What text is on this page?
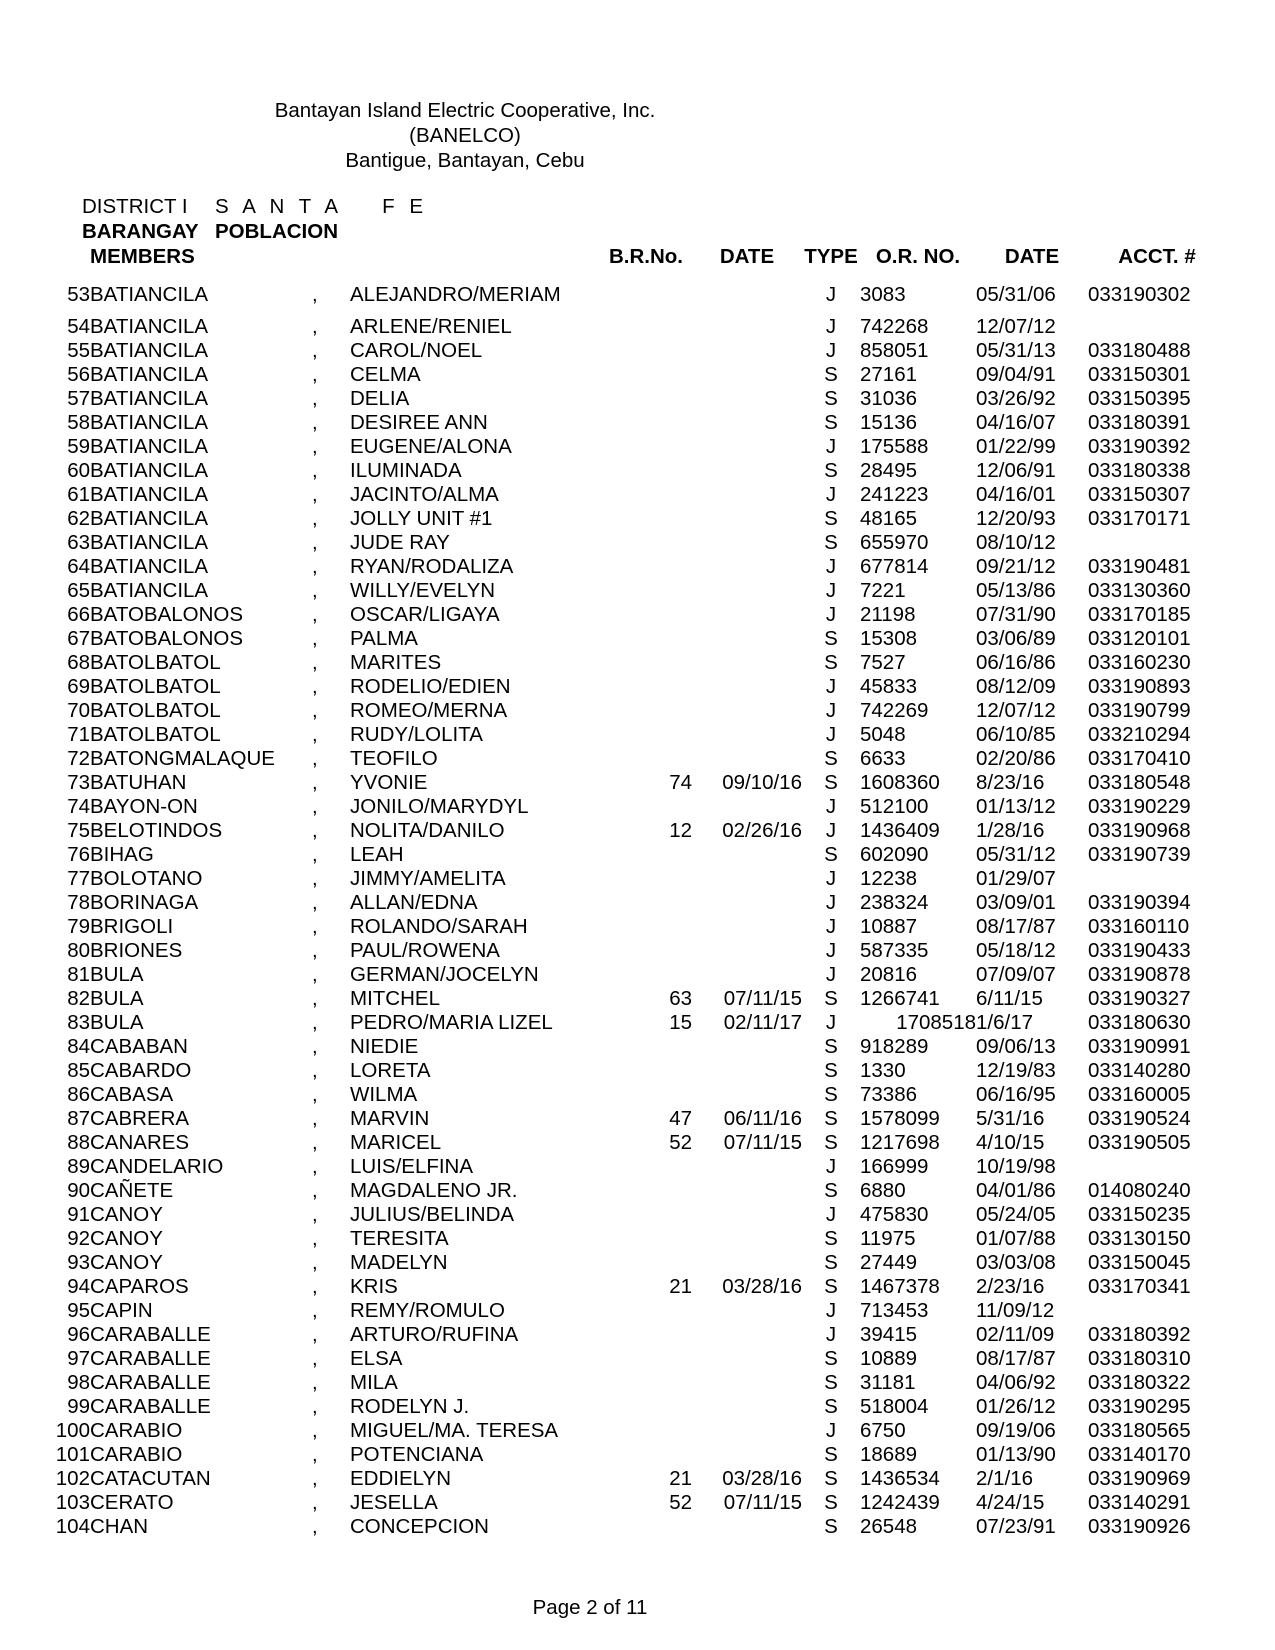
Bantayan Island Electric Cooperative, Inc.
(BANELCO)
Bantigue, Bantayan, Cebu
DISTRICT I	S A N T A    F E
BARANGAY POBLACION
	MEMBERS			B.R.No.	DATE	TYPE	O.R. NO.	DATE	ACCT. #
53	BATIANCILA	,	ALEJANDRO/MERIAM			J	3083	05/31/06	033190302
54	BATIANCILA	,	ARLENE/RENIEL			J	742268	12/07/12	
55	BATIANCILA	,	CAROL/NOEL			J	858051	05/31/13	033180488
56	BATIANCILA	,	CELMA			S	27161	09/04/91	033150301
57	BATIANCILA	,	DELIA			S	31036	03/26/92	033150395
58	BATIANCILA	,	DESIREE ANN			S	15136	04/16/07	033180391
59	BATIANCILA	,	EUGENE/ALONA			J	175588	01/22/99	033190392
60	BATIANCILA	,	ILUMINADA			S	28495	12/06/91	033180338
61	BATIANCILA	,	JACINTO/ALMA			J	241223	04/16/01	033150307
62	BATIANCILA	,	JOLLY UNIT #1			S	48165	12/20/93	033170171
63	BATIANCILA	,	JUDE RAY			S	655970	08/10/12	
64	BATIANCILA	,	RYAN/RODALIZA			J	677814	09/21/12	033190481
65	BATIANCILA	,	WILLY/EVELYN			J	7221	05/13/86	033130360
66	BATOBALONOS	,	OSCAR/LIGAYA			J	21198	07/31/90	033170185
67	BATOBALONOS	,	PALMA			S	15308	03/06/89	033120101
68	BATOLBATOL	,	MARITES			S	7527	06/16/86	033160230
69	BATOLBATOL	,	RODELIO/EDIEN			J	45833	08/12/09	033190893
70	BATOLBATOL	,	ROMEO/MERNA			J	742269	12/07/12	033190799
71	BATOLBATOL	,	RUDY/LOLITA			J	5048	06/10/85	033210294
72	BATONGMALAQUE	,	TEOFILO			S	6633	02/20/86	033170410
73	BATUHAN	,	YVONIE	74	09/10/16	S	1608360	8/23/16	033180548
74	BAYON-ON	,	JONILO/MARYDYL			J	512100	01/13/12	033190229
75	BELOTINDOS	,	NOLITA/DANILO	12	02/26/16	J	1436409	1/28/16	033190968
76	BIHAG	,	LEAH			S	602090	05/31/12	033190739
77	BOLOTANO	,	JIMMY/AMELITA			J	12238	01/29/07	
78	BORINAGA	,	ALLAN/EDNA			J	238324	03/09/01	033190394
79	BRIGOLI	,	ROLANDO/SARAH			J	10887	08/17/87	033160110
80	BRIONES	,	PAUL/ROWENA			J	587335	05/18/12	033190433
81	BULA	,	GERMAN/JOCELYN			J	20816	07/09/07	033190878
82	BULA	,	MITCHEL	63	07/11/15	S	1266741	6/11/15	033190327
83	BULA	,	PEDRO/MARIA LIZEL	15	02/11/17	J	1708518	1/6/17	033180630
84	CABABAN	,	NIEDIE			S	918289	09/06/13	033190991
85	CABARDO	,	LORETA			S	1330	12/19/83	033140280
86	CABASA	,	WILMA			S	73386	06/16/95	033160005
87	CABRERA	,	MARVIN	47	06/11/16	S	1578099	5/31/16	033190524
88	CANARES	,	MARICEL	52	07/11/15	S	1217698	4/10/15	033190505
89	CANDELARIO	,	LUIS/ELFINA			J	166999	10/19/98	
90	CAÑETE	,	MAGDALENO JR.			S	6880	04/01/86	014080240
91	CANOY	,	JULIUS/BELINDA			J	475830	05/24/05	033150235
92	CANOY	,	TERESITA			S	11975	01/07/88	033130150
93	CANOY	,	MADELYN			S	27449	03/03/08	033150045
94	CAPAROS	,	KRIS	21	03/28/16	S	1467378	2/23/16	033170341
95	CAPIN	,	REMY/ROMULO			J	713453	11/09/12	
96	CARABALLE	,	ARTURO/RUFINA			J	39415	02/11/09	033180392
97	CARABALLE	,	ELSA			S	10889	08/17/87	033180310
98	CARABALLE	,	MILA			S	31181	04/06/92	033180322
99	CARABALLE	,	RODELYN J.			S	518004	01/26/12	033190295
100	CARABIO	,	MIGUEL/MA. TERESA			J	6750	09/19/06	033180565
101	CARABIO	,	POTENCIANA			S	18689	01/13/90	033140170
102	CATACUTAN	,	EDDIELYN	21	03/28/16	S	1436534	2/1/16	033190969
103	CERATO	,	JESELLA	52	07/11/15	S	1242439	4/24/15	033140291
104	CHAN	,	CONCEPCION			S	26548	07/23/91	033190926
Page 2 of 11
